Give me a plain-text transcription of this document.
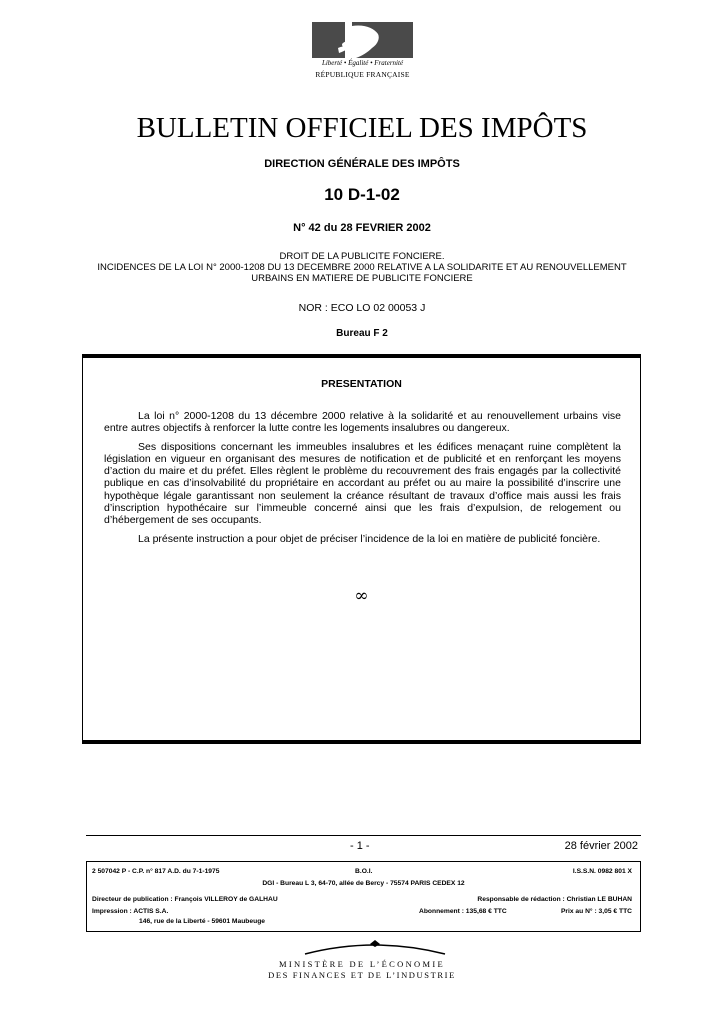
Liberté • Égalité • Fraternité
RÉPUBLIQUE FRANÇAISE
BULLETIN OFFICIEL DES IMPÔTS
DIRECTION GÉNÉRALE DES IMPÔTS
10 D-1-02
N° 42 du 28 FEVRIER 2002
DROIT DE LA PUBLICITE FONCIERE.
INCIDENCES DE LA LOI N° 2000-1208 DU 13 DECEMBRE 2000 RELATIVE A LA SOLIDARITE ET AU RENOUVELLEMENT
URBAINS EN MATIERE DE PUBLICITE FONCIERE
NOR : ECO LO 02 00053 J
Bureau F 2
PRESENTATION

La loi n° 2000-1208 du 13 décembre 2000 relative à la solidarité et au renouvellement urbains vise entre autres objectifs à renforcer la lutte contre les logements insalubres ou dangereux.

Ses dispositions concernant les immeubles insalubres et les édifices menaçant ruine complètent la législation en vigueur en organisant des mesures de notification et de publicité et en renforçant les moyens d’action du maire et du préfet. Elles règlent le problème du recouvrement des frais engagés par la collectivité publique en cas d’insolvabilité du propriétaire en accordant au préfet ou au maire la possibilité d’inscrire une hypothèque légale garantissant non seulement la créance résultant de travaux d’office mais aussi les frais d’inscription hypothécaire sur l’immeuble concerné ainsi que les frais d’expulsion, de relogement ou d’hébergement de ses occupants.

La présente instruction a pour objet de préciser l’incidence de la loi en matière de publicité foncière.

∞
- 1 -	28 février 2002
2 507042 P - C.P. n° 817 A.D. du 7-1-1975	B.O.I.	I.S.S.N. 0982 801 X
DGI - Bureau L 3, 64-70, allée de Bercy - 75574 PARIS CEDEX 12
Directeur de publication : François VILLEROY de GALHAU	Responsable de rédaction : Christian LE BUHAN
Impression : ACTIS S.A.	Abonnement : 135,68 € TTC	Prix au N° : 3,05 € TTC
146, rue de la Liberté - 59601 Maubeuge
MINISTÈRE DE L’ÉCONOMIE
DES FINANCES ET DE L’INDUSTRIE
